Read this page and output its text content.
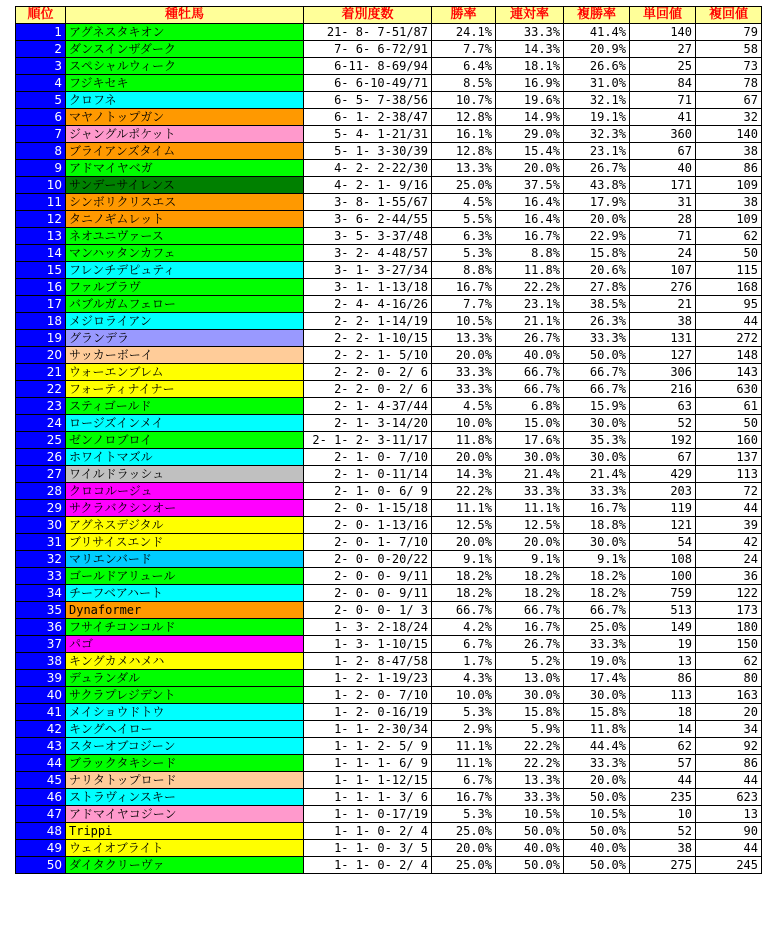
順位	種牡馬	着別度数	勝率	連対率	複勝率	単回値	複回値
1	アグネスタキオン	21- 8- 7-51/87	24.1%	33.3%	41.4%	140	79
2	ダンスインザダーク	7- 6- 6-72/91	7.7%	14.3%	20.9%	27	58
3	スペシャルウィーク	6-11- 8-69/94	6.4%	18.1%	26.6%	25	73
4	フジキセキ	6- 6-10-49/71	8.5%	16.9%	31.0%	84	78
5	クロフネ	6- 5- 7-38/56	10.7%	19.6%	32.1%	71	67
6	マヤノトップガン	6- 1- 2-38/47	12.8%	14.9%	19.1%	41	32
7	ジャングルポケット	5- 4- 1-21/31	16.1%	29.0%	32.3%	360	140
8	ブライアンズタイム	5- 1- 3-30/39	12.8%	15.4%	23.1%	67	38
9	アドマイヤベガ	4- 2- 2-22/30	13.3%	20.0%	26.7%	40	86
10	サンデーサイレンス	4- 2- 1- 9/16	25.0%	37.5%	43.8%	171	109
11	シンボリクリスエス	3- 8- 1-55/67	4.5%	16.4%	17.9%	31	38
12	タニノギムレット	3- 6- 2-44/55	5.5%	16.4%	20.0%	28	109
13	ネオユニヴァース	3- 5- 3-37/48	6.3%	16.7%	22.9%	71	62
14	マンハッタンカフェ	3- 2- 4-48/57	5.3%	8.8%	15.8%	24	50
15	フレンチデピュティ	3- 1- 3-27/34	8.8%	11.8%	20.6%	107	115
16	ファルブラヴ	3- 1- 1-13/18	16.7%	22.2%	27.8%	276	168
17	バブルガムフェロー	2- 4- 4-16/26	7.7%	23.1%	38.5%	21	95
18	メジロライアン	2- 2- 1-14/19	10.5%	21.1%	26.3%	38	44
19	グランデラ	2- 2- 1-10/15	13.3%	26.7%	33.3%	131	272
20	サッカーボーイ	2- 2- 1- 5/10	20.0%	40.0%	50.0%	127	148
21	ウォーエンブレム	2- 2- 0- 2/ 6	33.3%	66.7%	66.7%	306	143
22	フォーティナイナー	2- 2- 0- 2/ 6	33.3%	66.7%	66.7%	216	630
23	スティゴールド	2- 1- 4-37/44	4.5%	6.8%	15.9%	63	61
24	ロージズインメイ	2- 1- 3-14/20	10.0%	15.0%	30.0%	52	50
25	ゼンノロブロイ	2- 1- 2- 3-11/17	11.8%	17.6%	35.3%	192	160
26	ホワイトマズル	2- 1- 0- 7/10	20.0%	30.0%	30.0%	67	137
27	ワイルドラッシュ	2- 1- 0-11/14	14.3%	21.4%	21.4%	429	113
28	クロコルージュ	2- 1- 0- 6/ 9	22.2%	33.3%	33.3%	203	72
29	サクラバクシンオー	2- 0- 1-15/18	11.1%	11.1%	16.7%	119	44
30	アグネスデジタル	2- 0- 1-13/16	12.5%	12.5%	18.8%	121	39
31	ブリサイスエンド	2- 0- 1- 7/10	20.0%	20.0%	30.0%	54	42
32	マリエンバード	2- 0- 0-20/22	9.1%	9.1%	9.1%	108	24
33	ゴールドアリュール	2- 0- 0- 9/11	18.2%	18.2%	18.2%	100	36
34	チーフベアハート	2- 0- 0- 9/11	18.2%	18.2%	18.2%	759	122
35	Dynaformer	2- 0- 0- 1/ 3	66.7%	66.7%	66.7%	513	173
36	フサイチコンコルド	1- 3- 2-18/24	4.2%	16.7%	25.0%	149	180
37	パゴ	1- 3- 1-10/15	6.7%	26.7%	33.3%	19	150
38	キングカメハメハ	1- 2- 8-47/58	1.7%	5.2%	19.0%	13	62
39	デュランダル	1- 2- 1-19/23	4.3%	13.0%	17.4%	86	80
40	サクラプレジデント	1- 2- 0- 7/10	10.0%	30.0%	30.0%	113	163
41	メイショウドトウ	1- 2- 0-16/19	5.3%	15.8%	15.8%	18	20
42	キングヘイロー	1- 1- 2-30/34	2.9%	5.9%	11.8%	14	34
43	スターオブコジーン	1- 1- 2- 5/ 9	11.1%	22.2%	44.4%	62	92
44	ブラックタキシード	1- 1- 1- 6/ 9	11.1%	22.2%	33.3%	57	86
45	ナリタトップロード	1- 1- 1-12/15	6.7%	13.3%	20.0%	44	44
46	ストラヴィンスキー	1- 1- 1- 3/ 6	16.7%	33.3%	50.0%	235	623
47	アドマイヤコジーン	1- 1- 0-17/19	5.3%	10.5%	10.5%	10	13
48	Trippi	1- 1- 0- 2/ 4	25.0%	50.0%	50.0%	52	90
49	ウェイオブライト	1- 1- 0- 3/ 5	20.0%	40.0%	40.0%	38	44
50	ダイタクリーヴァ	1- 1- 0- 2/ 4	25.0%	50.0%	50.0%	275	245
